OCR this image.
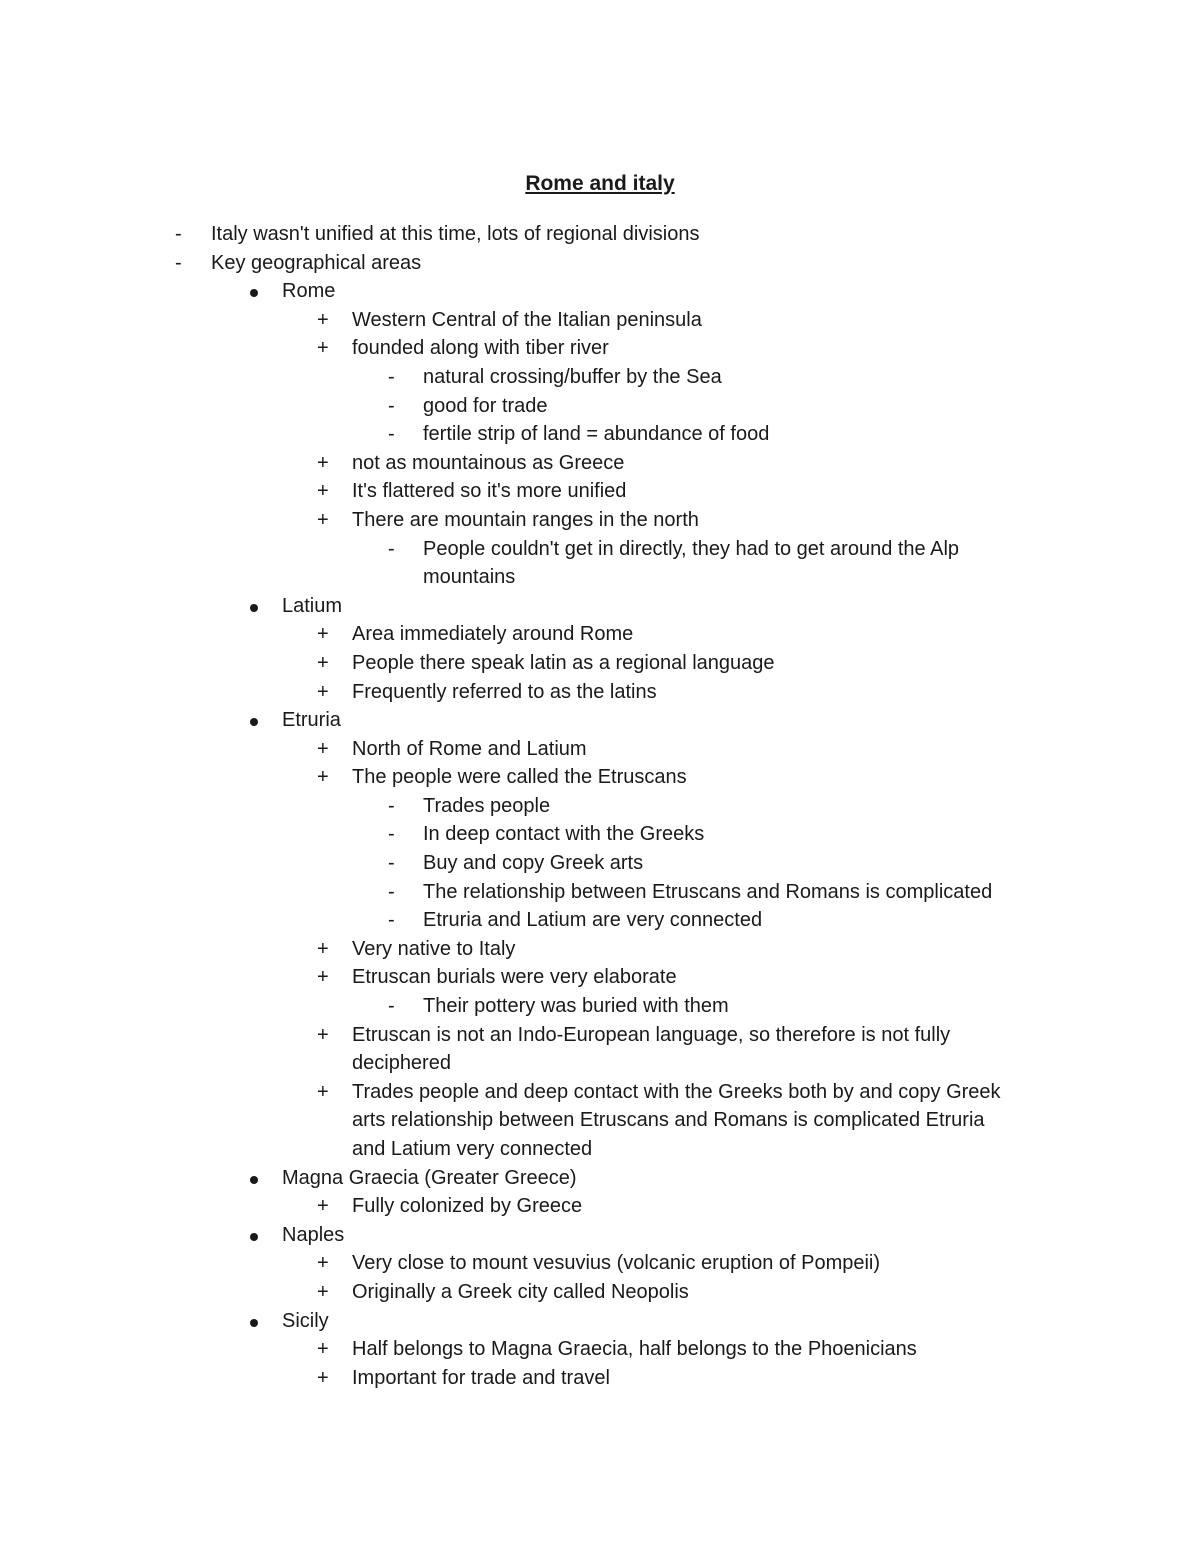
Rome and italy
- Italy wasn't unified at this time, lots of regional divisions
- Key geographical areas
Rome
+ Western Central of the Italian peninsula
+ founded along with tiber river
- natural crossing/buffer by the Sea
- good for trade
- fertile strip of land = abundance of food
+ not as mountainous as Greece
+ It's flattered so it's more unified
+ There are mountain ranges in the north
- People couldn't get in directly, they had to get around the Alp
mountains
Latium
+ Area immediately around Rome
+ People there speak latin as a regional language
+ Frequently referred to as the latins
Etruria
+ North of Rome and Latium
+ The people were called the Etruscans
- Trades people
- In deep contact with the Greeks
- Buy and copy Greek arts
- The relationship between Etruscans and Romans is complicated
- Etruria and Latium are very connected
+ Very native to Italy
+ Etruscan burials were very elaborate
- Their pottery was buried with them
+ Etruscan is not an Indo-European language, so therefore is not fully
deciphered
+ Trades people and deep contact with the Greeks both by and copy Greek
arts relationship between Etruscans and Romans is complicated Etruria
and Latium very connected
Magna Graecia (Greater Greece)
+ Fully colonized by Greece
Naples
+ Very close to mount vesuvius (volcanic eruption of Pompeii)
+ Originally a Greek city called Neopolis
Sicily
+ Half belongs to Magna Graecia, half belongs to the Phoenicians
+ Important for trade and travel
